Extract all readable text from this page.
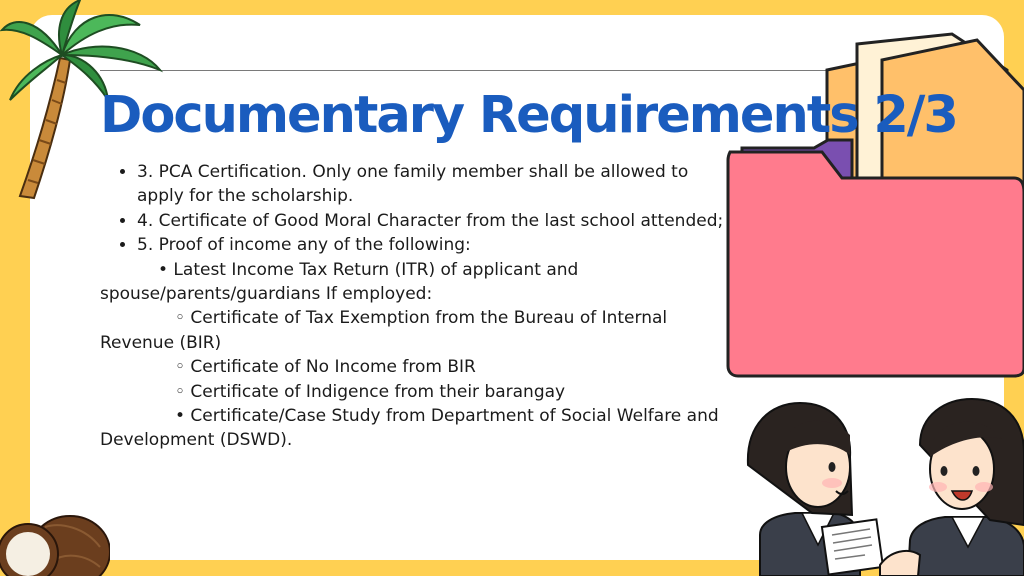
Documentary Requirements 2/3
• 3. PCA Certification. Only one family member shall be allowed to apply for the scholarship.
• 4. Certificate of Good Moral Character from the last school attended;
• 5. Proof of income any of the following:

• Latest Income Tax Return (ITR) of applicant and spouse/parents/guardians If employed:

◦ Certificate of Tax Exemption from the Bureau of Internal Revenue (BIR)

◦ Certificate of No Income from BIR

◦ Certificate of Indigence from their barangay

• Certificate/Case Study from Department of Social Welfare and Development (DSWD).
